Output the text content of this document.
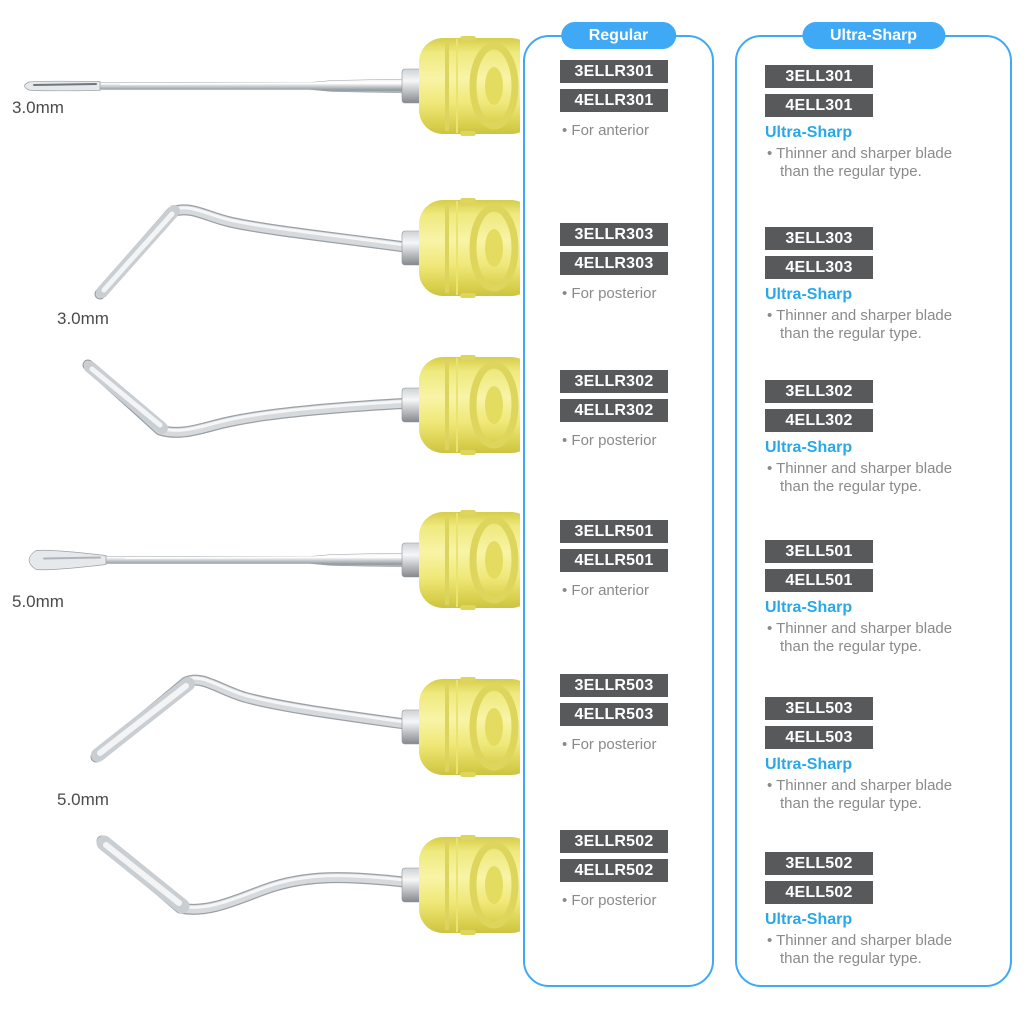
3.0mm
3.0mm
5.0mm
5.0mm
Regular
3ELLR301
4ELLR301
• For anterior
3ELLR303
4ELLR303
• For posterior
3ELLR302
4ELLR302
• For posterior
3ELLR501
4ELLR501
• For anterior
3ELLR503
4ELLR503
• For posterior
3ELLR502
4ELLR502
• For posterior
Ultra-Sharp
3ELL301
4ELL301
Ultra-Sharp
• Thinner and sharper blade
than the regular type.
3ELL303
4ELL303
Ultra-Sharp
• Thinner and sharper blade
than the regular type.
3ELL302
4ELL302
Ultra-Sharp
• Thinner and sharper blade
than the regular type.
3ELL501
4ELL501
Ultra-Sharp
• Thinner and sharper blade
than the regular type.
3ELL503
4ELL503
Ultra-Sharp
• Thinner and sharper blade
than the regular type.
3ELL502
4ELL502
Ultra-Sharp
• Thinner and sharper blade
than the regular type.
